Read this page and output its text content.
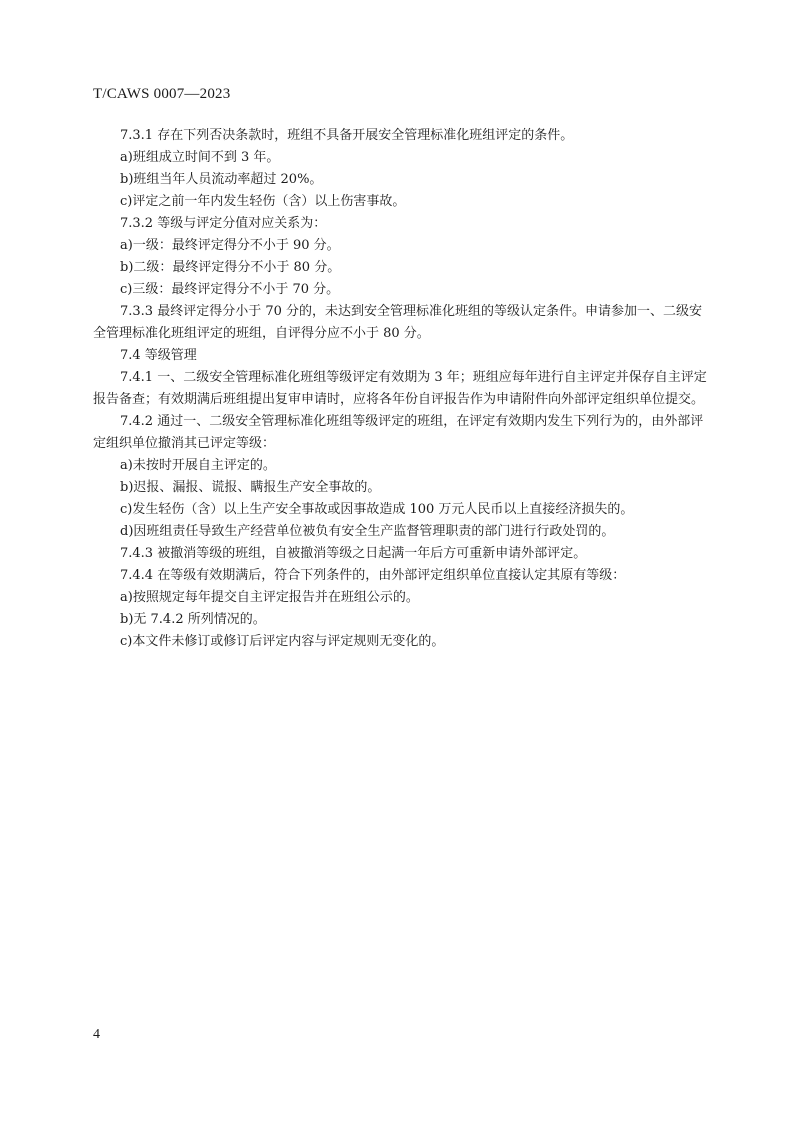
T/CAWS 0007—2023

7.3.1 存在下列否决条款时，班组不具备开展安全管理标准化班组评定的条件。

a)班组成立时间不到 3 年。

b)班组当年人员流动率超过 20%。

c)评定之前一年内发生轻伤（含）以上伤害事故。

7.3.2 等级与评定分值对应关系为：

a)一级：最终评定得分不小于 90 分。

b)二级：最终评定得分不小于 80 分。

c)三级：最终评定得分不小于 70 分。

7.3.3 最终评定得分小于 70 分的，未达到安全管理标准化班组的等级认定条件。申请参加一、二级安全管理标准化班组评定的班组，自评得分应不小于 80 分。

7.4 等级管理

7.4.1 一、二级安全管理标准化班组等级评定有效期为 3 年；班组应每年进行自主评定并保存自主评定报告备查；有效期满后班组提出复审申请时，应将各年份自评报告作为申请附件向外部评定组织单位提交。

7.4.2 通过一、二级安全管理标准化班组等级评定的班组，在评定有效期内发生下列行为的，由外部评定组织单位撤消其已评定等级：

a)未按时开展自主评定的。

b)迟报、漏报、谎报、瞒报生产安全事故的。

c)发生轻伤（含）以上生产安全事故或因事故造成 100 万元人民币以上直接经济损失的。

d)因班组责任导致生产经营单位被负有安全生产监督管理职责的部门进行行政处罚的。

7.4.3 被撤消等级的班组，自被撤消等级之日起满一年后方可重新申请外部评定。

7.4.4 在等级有效期满后，符合下列条件的，由外部评定组织单位直接认定其原有等级：

a)按照规定每年提交自主评定报告并在班组公示的。

b)无 7.4.2 所列情况的。

c)本文件未修订或修订后评定内容与评定规则无变化的。

4
